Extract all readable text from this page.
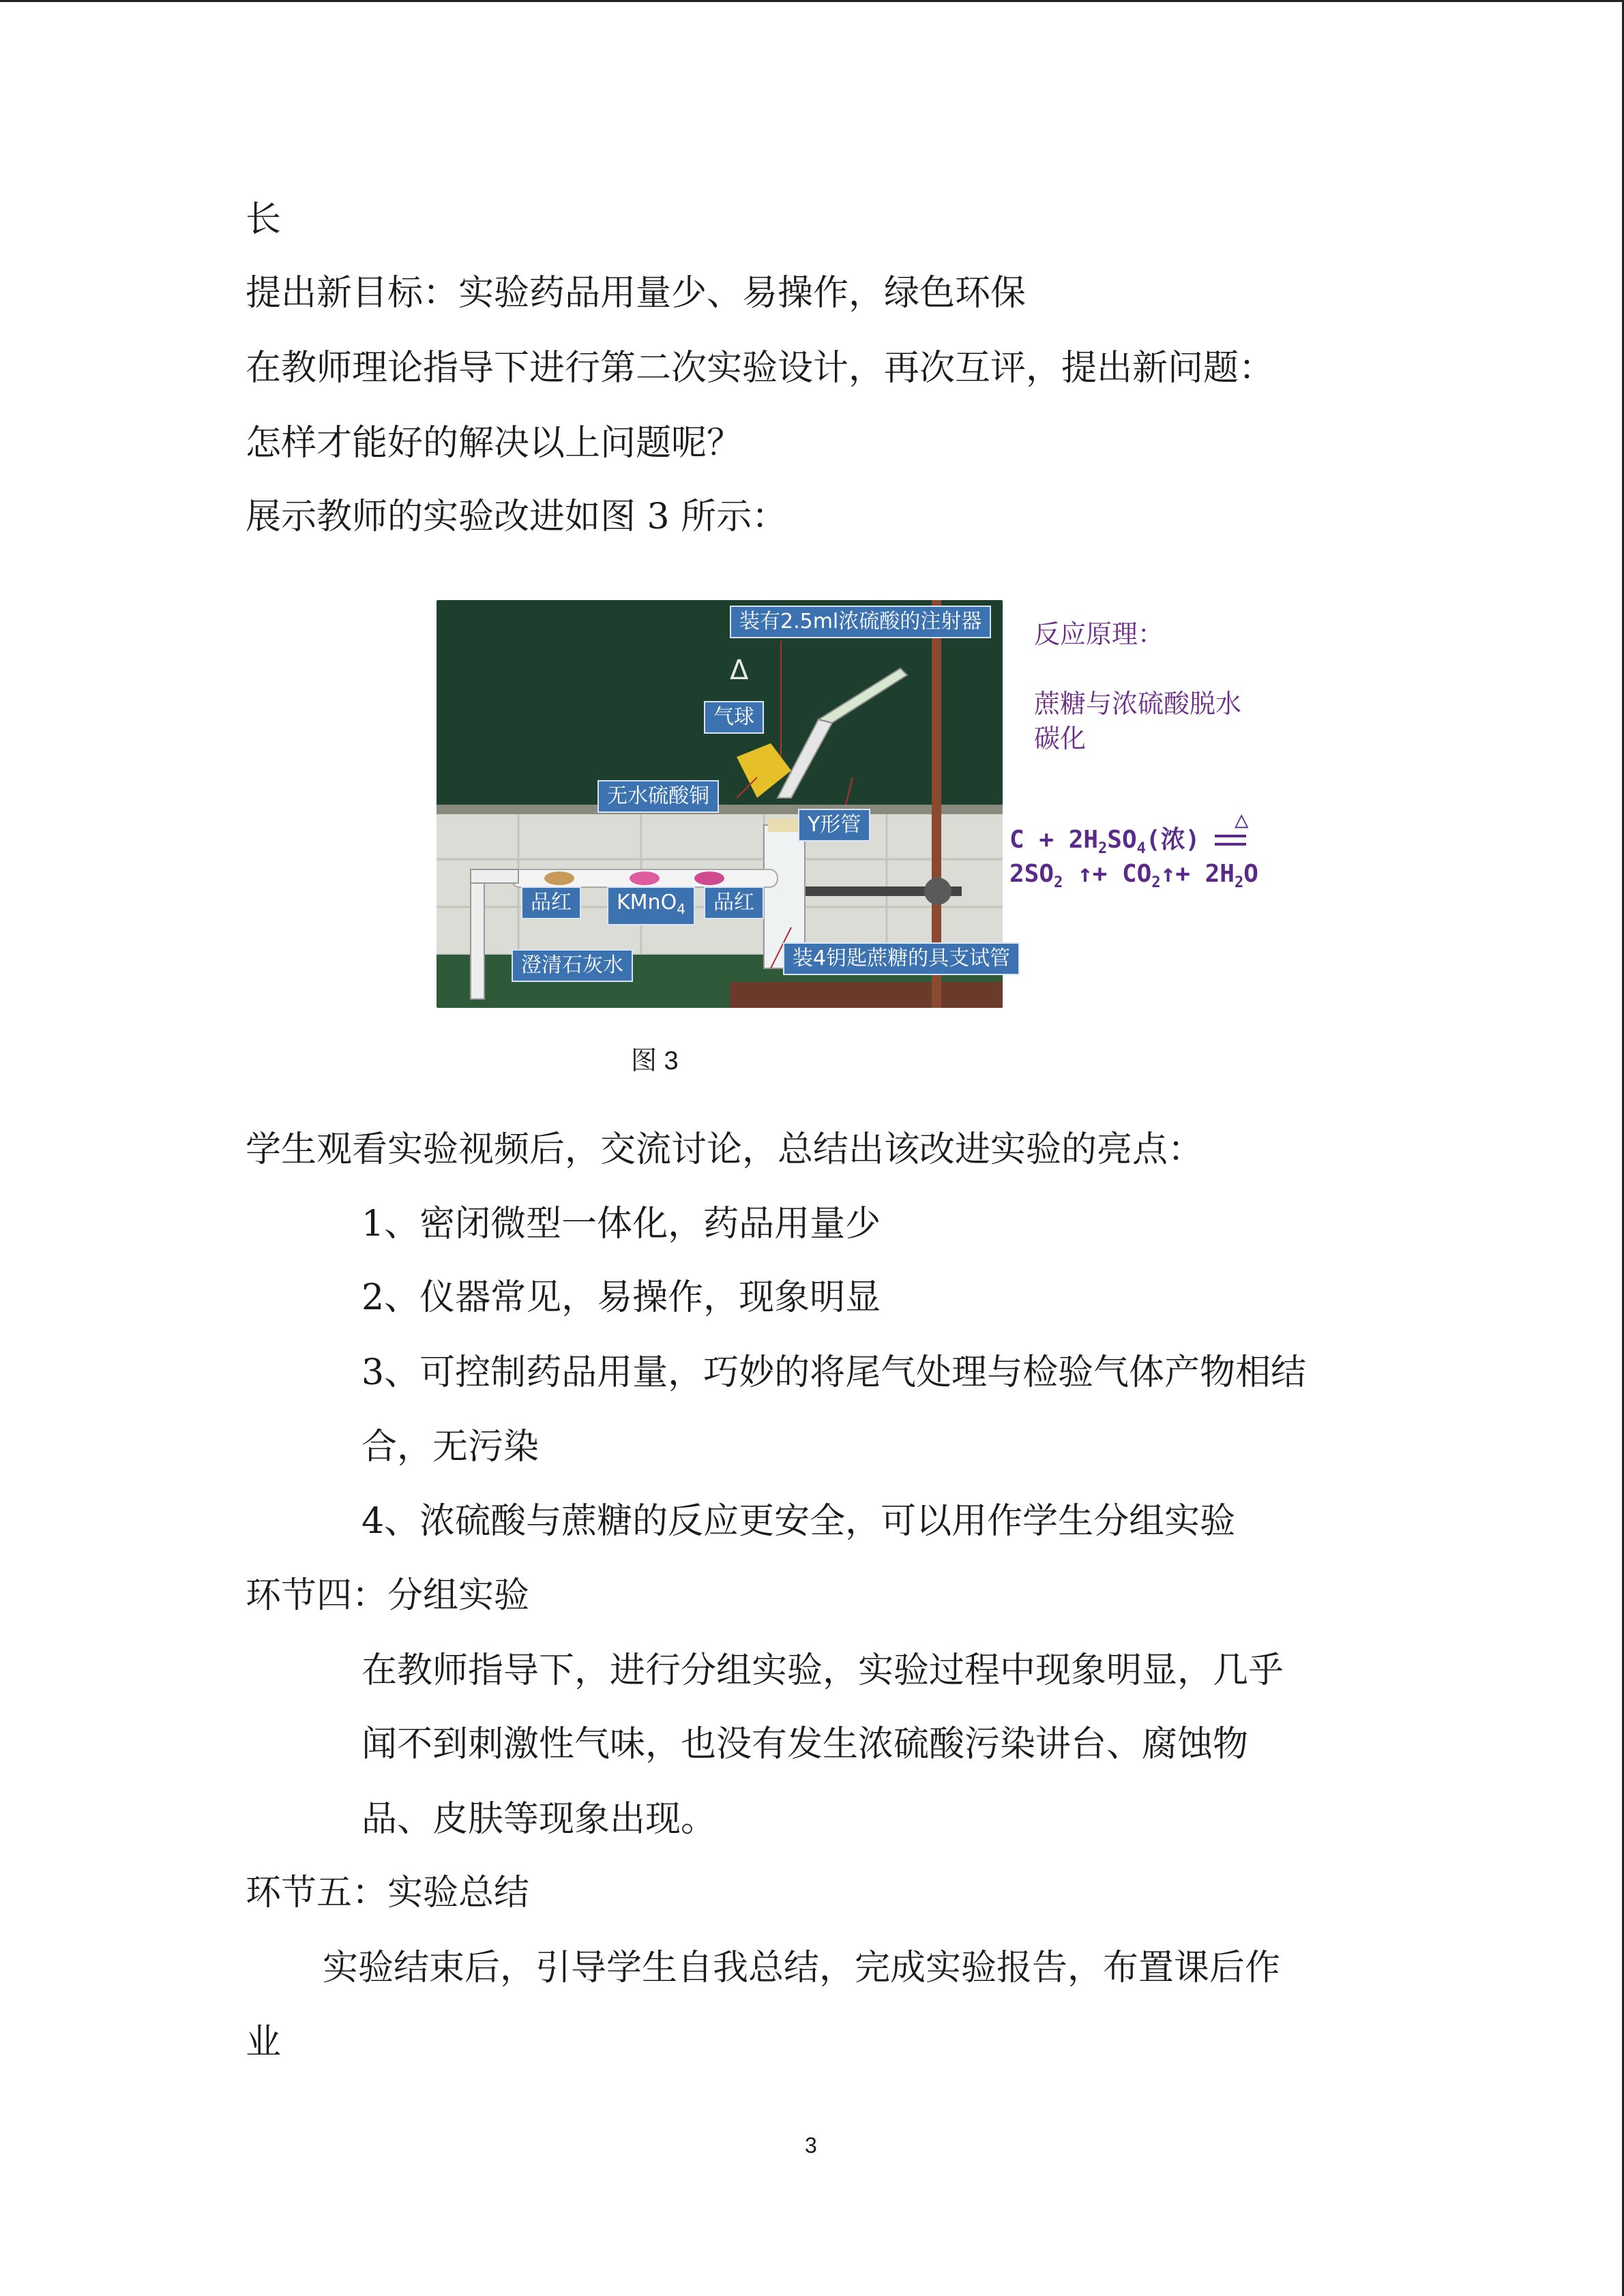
长
提出新目标：实验药品用量少、易操作，绿色环保
在教师理论指导下进行第二次实验设计，再次互评，提出新问题：
怎样才能好的解决以上问题呢？
展示教师的实验改进如图 3 所示：
Δ
装有2.5ml浓硫酸的注射器
气球
无水硫酸铜
Y形管
品红	KMnO$_4$	品红
澄清石灰水	装4钥匙蔗糖的具支试管
反应原理：
蔗糖与浓硫酸脱水
碳化
△
$C + 2H_2SO_4$(浓)
$2SO_2$ ↑+ $CO_2↑+ 2H_2O$
图 3
学生观看实验视频后，交流讨论，总结出该改进实验的亮点：
1、密闭微型一体化，药品用量少
2、仪器常见，易操作，现象明显
3、可控制药品用量，巧妙的将尾气处理与检验气体产物相结
合，无污染
4、浓硫酸与蔗糖的反应更安全，可以用作学生分组实验
环节四：分组实验
在教师指导下，进行分组实验，实验过程中现象明显，几乎
闻不到刺激性气味，也没有发生浓硫酸污染讲台、腐蚀物
品、皮肤等现象出现。
环节五：实验总结
实验结束后，引导学生自我总结，完成实验报告，布置课后作
业
3
